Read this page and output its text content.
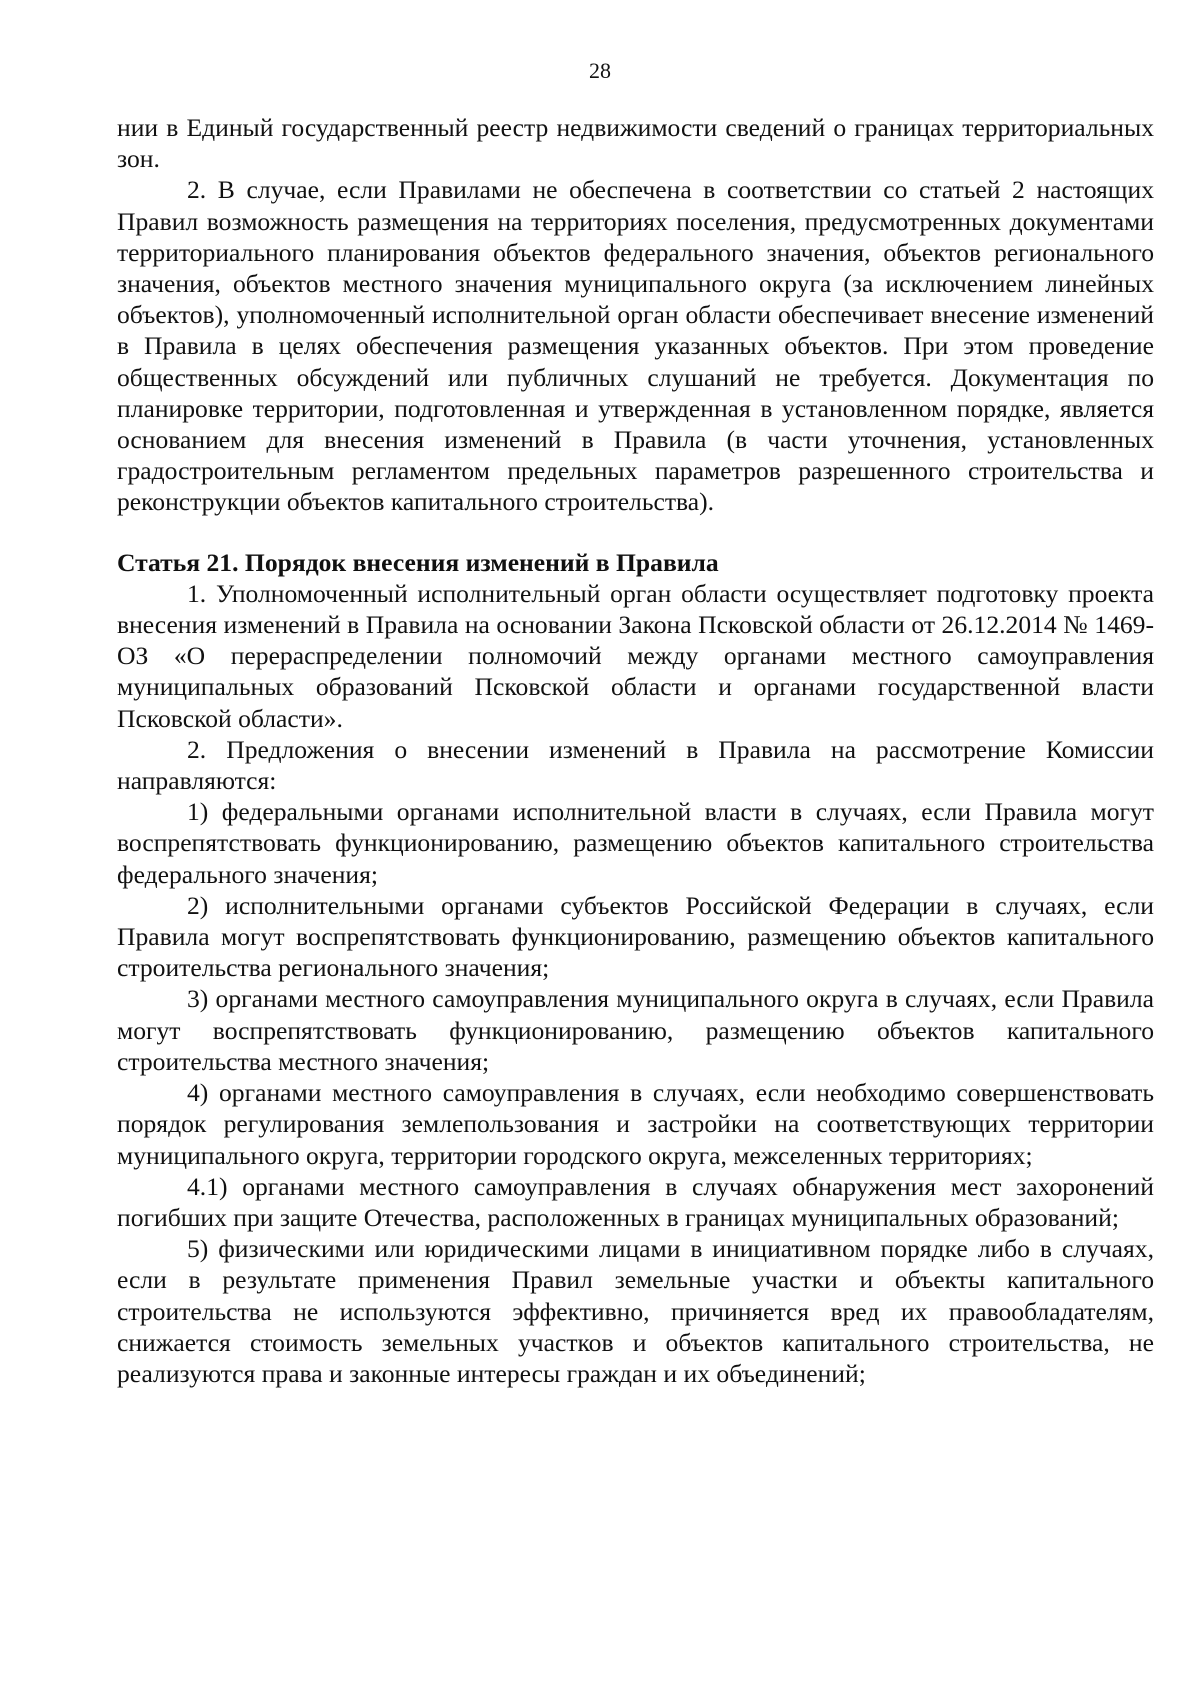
28

нии в Единый государственный реестр недвижимости сведений о границах территориальных зон.

2. В случае, если Правилами не обеспечена в соответствии со статьей 2 настоящих Правил возможность размещения на территориях поселения, предусмотренных документами территориального планирования объектов федерального значения, объектов регионального значения, объектов местного значения муниципального округа (за исключением линейных объектов), уполномоченный исполнительной орган области обеспечивает внесение изменений в Правила в целях обеспечения размещения указанных объектов. При этом проведение общественных обсуждений или публичных слушаний не требуется. Документация по планировке территории, подготовленная и утвержденная в установленном порядке, является основанием для внесения изменений в Правила (в части уточнения, установленных градостроительным регламентом предельных параметров разрешенного строительства и реконструкции объектов капитального строительства).

Статья 21. Порядок внесения изменений в Правила

1. Уполномоченный исполнительный орган области осуществляет подготовку проекта внесения изменений в Правила на основании Закона Псковской области от 26.12.2014 № 1469-ОЗ «О перераспределении полномочий между органами местного самоуправления муниципальных образований Псковской области и органами государственной власти Псковской области».

2. Предложения о внесении изменений в Правила на рассмотрение Комиссии направляются:

1) федеральными органами исполнительной власти в случаях, если Правила могут воспрепятствовать функционированию, размещению объектов капитального строительства федерального значения;

2) исполнительными органами субъектов Российской Федерации в случаях, если Правила могут воспрепятствовать функционированию, размещению объектов капитального строительства регионального значения;

3) органами местного самоуправления муниципального округа в случаях, если Правила могут воспрепятствовать функционированию, размещению объектов капитального строительства местного значения;

4) органами местного самоуправления в случаях, если необходимо совершенствовать порядок регулирования землепользования и застройки на соответствующих территории муниципального округа, территории городского округа, межселенных территориях;

4.1) органами местного самоуправления в случаях обнаружения мест захоронений погибших при защите Отечества, расположенных в границах муниципальных образований;

5) физическими или юридическими лицами в инициативном порядке либо в случаях, если в результате применения Правил земельные участки и объекты капитального строительства не используются эффективно, причиняется вред их правообладателям, снижается стоимость земельных участков и объектов капитального строительства, не реализуются права и законные интересы граждан и их объединений;
